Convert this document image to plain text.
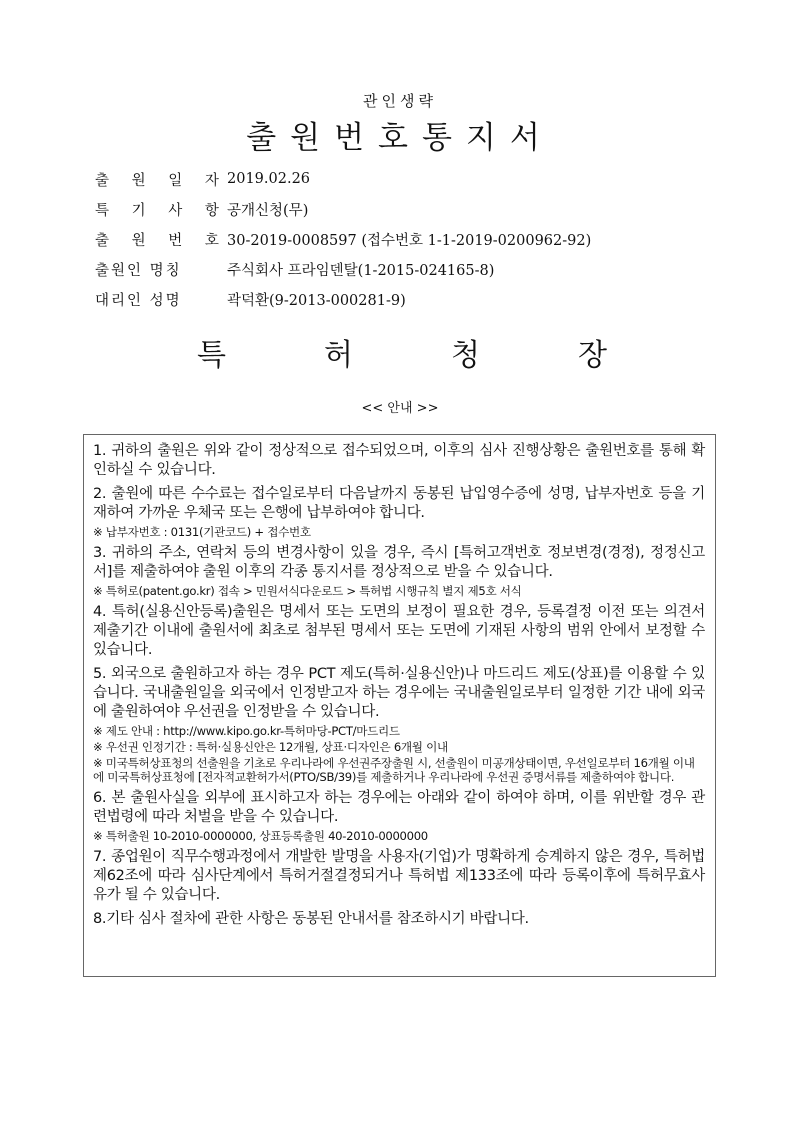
관인생략
출원번호통지서
출 원 일 자 2019.02.26
특 기 사 항 공개신청(무)
출 원 번 호 30-2019-0008597 (접수번호 1-1-2019-0200962-92)
출원인 명칭	주식회사 프라임덴탈(1-2015-024165-8)
대리인 성명	곽덕환(9-2013-000281-9)
특	허	청	장
<< 안내 >>
1. 귀하의 출원은 위와 같이 정상적으로 접수되었으며, 이후의 심사 진행상황은 출원번호를 통해 확인하실 수 있습니다.
2. 출원에 따른 수수료는 접수일로부터 다음날까지 동봉된 납입영수증에 성명, 납부자번호 등을 기재하여 가까운 우체국 또는 은행에 납부하여야 합니다.
※ 납부자번호 : 0131(기관코드) + 접수번호
3. 귀하의 주소, 연락처 등의 변경사항이 있을 경우, 즉시 [특허고객번호 정보변경(경정), 정정신고서]를 제출하여야 출원 이후의 각종 통지서를 정상적으로 받을 수 있습니다.
※ 특허로(patent.go.kr) 접속 > 민원서식다운로드 > 특허법 시행규칙 별지 제5호 서식
4. 특허(실용신안등록)출원은 명세서 또는 도면의 보정이 필요한 경우, 등록결정 이전 또는 의견서 제출기간 이내에 출원서에 최초로 첨부된 명세서 또는 도면에 기재된 사항의 범위 안에서 보정할 수 있습니다.
5. 외국으로 출원하고자 하는 경우 PCT 제도(특허·실용신안)나 마드리드 제도(상표)를 이용할 수 있습니다. 국내출원일을 외국에서 인정받고자 하는 경우에는 국내출원일로부터 일정한 기간 내에 외국에 출원하여야 우선권을 인정받을 수 있습니다.
※ 제도 안내 : http://www.kipo.go.kr-특허마당-PCT/마드리드
※ 우선권 인정기간 : 특허·실용신안은 12개월, 상표·디자인은 6개월 이내
※ 미국특허상표청의 선출원을 기초로 우리나라에 우선권주장출원 시, 선출원이 미공개상태이면, 우선일로부터 16개월 이내에 미국특허상표청에 [전자적교환허가서(PTO/SB/39)를 제출하거나 우리나라에 우선권 증명서류를 제출하여야 합니다.
6. 본 출원사실을 외부에 표시하고자 하는 경우에는 아래와 같이 하여야 하며, 이를 위반할 경우 관련법령에 따라 처벌을 받을 수 있습니다.
※ 특허출원 10-2010-0000000, 상표등록출원 40-2010-0000000
7. 종업원이 직무수행과정에서 개발한 발명을 사용자(기업)가 명확하게 승계하지 않은 경우, 특허법 제62조에 따라 심사단계에서 특허거절결정되거나 특허법 제133조에 따라 등록이후에 특허무효사유가 될 수 있습니다.
8.기타 심사 절차에 관한 사항은 동봉된 안내서를 참조하시기 바랍니다.
